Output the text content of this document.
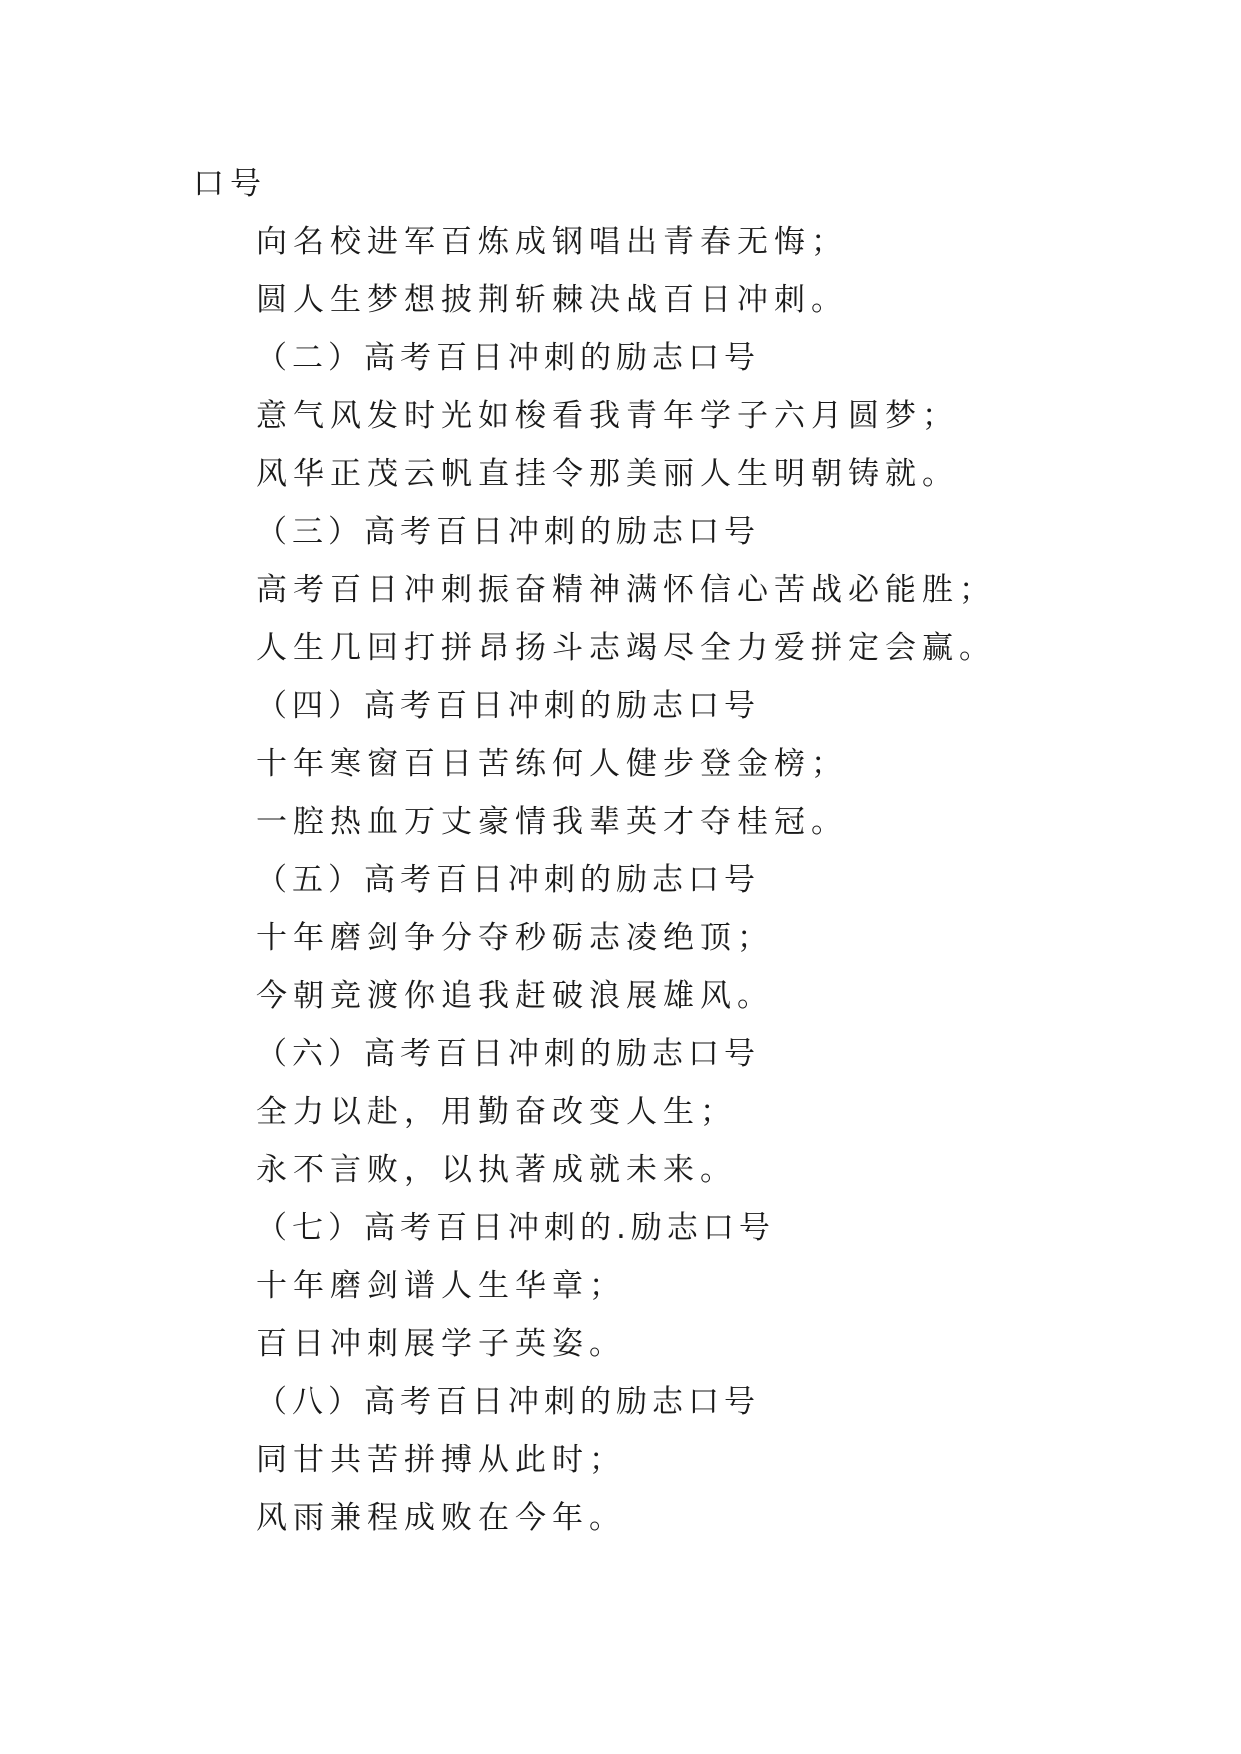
口号
向名校进军百炼成钢唱出青春无悔；
圆人生梦想披荆斩棘决战百日冲刺。
（二）高考百日冲刺的励志口号
意气风发时光如梭看我青年学子六月圆梦；
风华正茂云帆直挂令那美丽人生明朝铸就。
（三）高考百日冲刺的励志口号
高考百日冲刺振奋精神满怀信心苦战必能胜；
人生几回打拼昂扬斗志竭尽全力爱拼定会赢。
（四）高考百日冲刺的励志口号
十年寒窗百日苦练何人健步登金榜；
一腔热血万丈豪情我辈英才夺桂冠。
（五）高考百日冲刺的励志口号
十年磨剑争分夺秒砺志凌绝顶；
今朝竞渡你追我赶破浪展雄风。
（六）高考百日冲刺的励志口号
全力以赴，用勤奋改变人生；
永不言败，以执著成就未来。
（七）高考百日冲刺的.励志口号
十年磨剑谱人生华章；
百日冲刺展学子英姿。
（八）高考百日冲刺的励志口号
同甘共苦拼搏从此时；
风雨兼程成败在今年。
